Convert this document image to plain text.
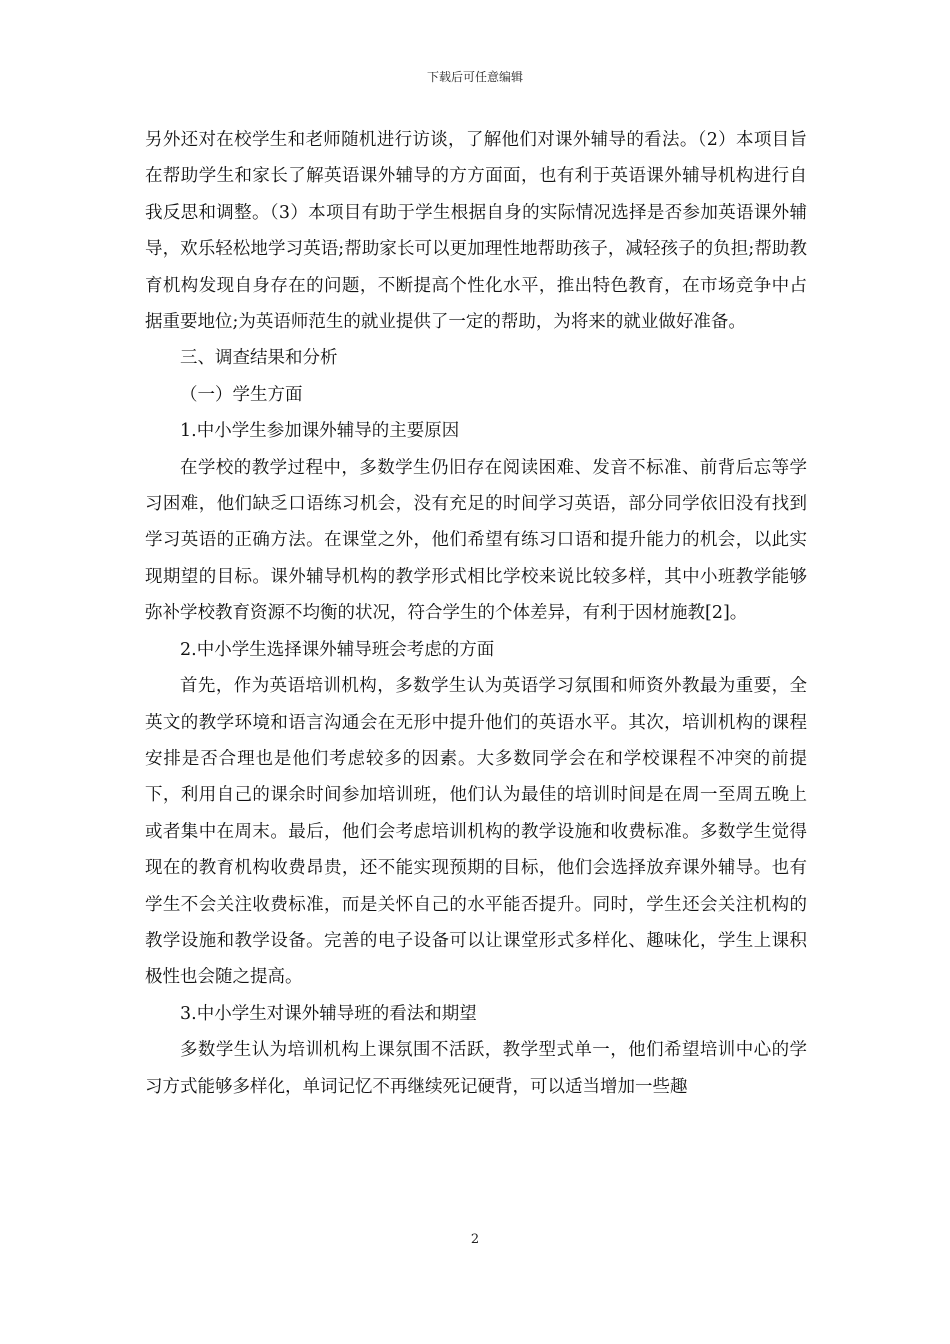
下载后可任意编辑

另外还对在校学生和老师随机进行访谈，了解他们对课外辅导的看法。（2）本项目旨在帮助学生和家长了解英语课外辅导的方方面面，也有利于英语课外辅导机构进行自我反思和调整。（3）本项目有助于学生根据自身的实际情况选择是否参加英语课外辅导，欢乐轻松地学习英语;帮助家长可以更加理性地帮助孩子，减轻孩子的负担;帮助教育机构发现自身存在的问题，不断提高个性化水平，推出特色教育，在市场竞争中占据重要地位;为英语师范生的就业提供了一定的帮助，为将来的就业做好准备。

三、调查结果和分析

（一）学生方面

1.中小学生参加课外辅导的主要原因

在学校的教学过程中，多数学生仍旧存在阅读困难、发音不标准、前背后忘等学习困难，他们缺乏口语练习机会，没有充足的时间学习英语，部分同学依旧没有找到学习英语的正确方法。在课堂之外，他们希望有练习口语和提升能力的机会，以此实现期望的目标。课外辅导机构的教学形式相比学校来说比较多样，其中小班教学能够弥补学校教育资源不均衡的状况，符合学生的个体差异，有利于因材施教[2]。

2.中小学生选择课外辅导班会考虑的方面

首先，作为英语培训机构，多数学生认为英语学习氛围和师资外教最为重要，全英文的教学环境和语言沟通会在无形中提升他们的英语水平。其次，培训机构的课程安排是否合理也是他们考虑较多的因素。大多数同学会在和学校课程不冲突的前提下，利用自己的课余时间参加培训班，他们认为最佳的培训时间是在周一至周五晚上或者集中在周末。最后，他们会考虑培训机构的教学设施和收费标准。多数学生觉得现在的教育机构收费昂贵，还不能实现预期的目标，他们会选择放弃课外辅导。也有学生不会关注收费标准，而是关怀自己的水平能否提升。同时，学生还会关注机构的教学设施和教学设备。完善的电子设备可以让课堂形式多样化、趣味化，学生上课积极性也会随之提高。

3.中小学生对课外辅导班的看法和期望

多数学生认为培训机构上课氛围不活跃，教学型式单一，他们希望培训中心的学习方式能够多样化，单词记忆不再继续死记硬背，可以适当增加一些趣

2
